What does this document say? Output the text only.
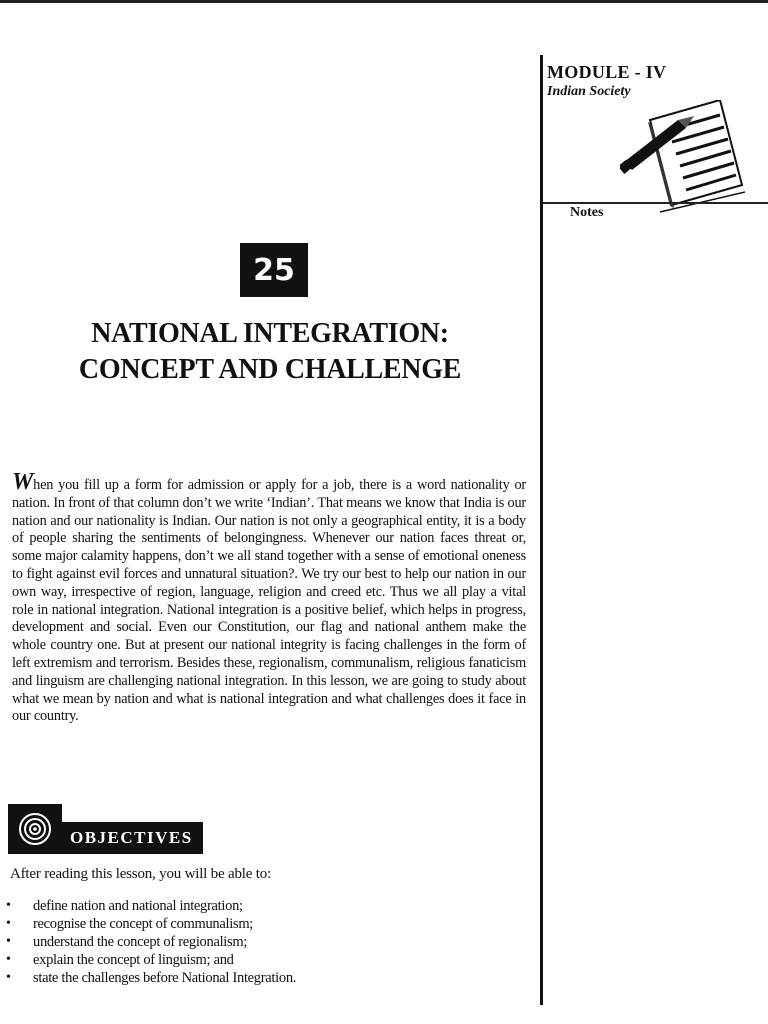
MODULE - IV
Indian Society
Notes
25
NATIONAL INTEGRATION:
CONCEPT AND CHALLENGE
When you fill up a form for admission or apply for a job, there is a word nationality or nation. In front of that column don’t we write ‘Indian’. That means we know that India is our nation and our nationality is Indian. Our nation is not only a geographical entity, it is a body of people sharing the sentiments of belongingness. Whenever our nation faces threat or, some major calamity happens, don’t we all stand together with a sense of emotional oneness to fight against evil forces and unnatural situation?. We try our best to help our nation in our own way, irrespective of region, language, religion and creed etc. Thus we all play a vital role in national integration. National integration is a positive belief, which helps in progress, development and social. Even our Constitution, our flag and national anthem make the whole country one. But at present our national integrity is facing challenges in the form of left extremism and terrorism. Besides these, regionalism, communalism, religious fanaticism and linguism are challenging national integration. In this lesson, we are going to study about what we mean by nation and what is national integration and what challenges does it face in our country.
OBJECTIVES
After reading this lesson, you will be able to:
• define nation and national integration;
• recognise the concept of communalism;
• understand the concept of regionalism;
• explain the concept of linguism; and
• state the challenges before National Integration.
